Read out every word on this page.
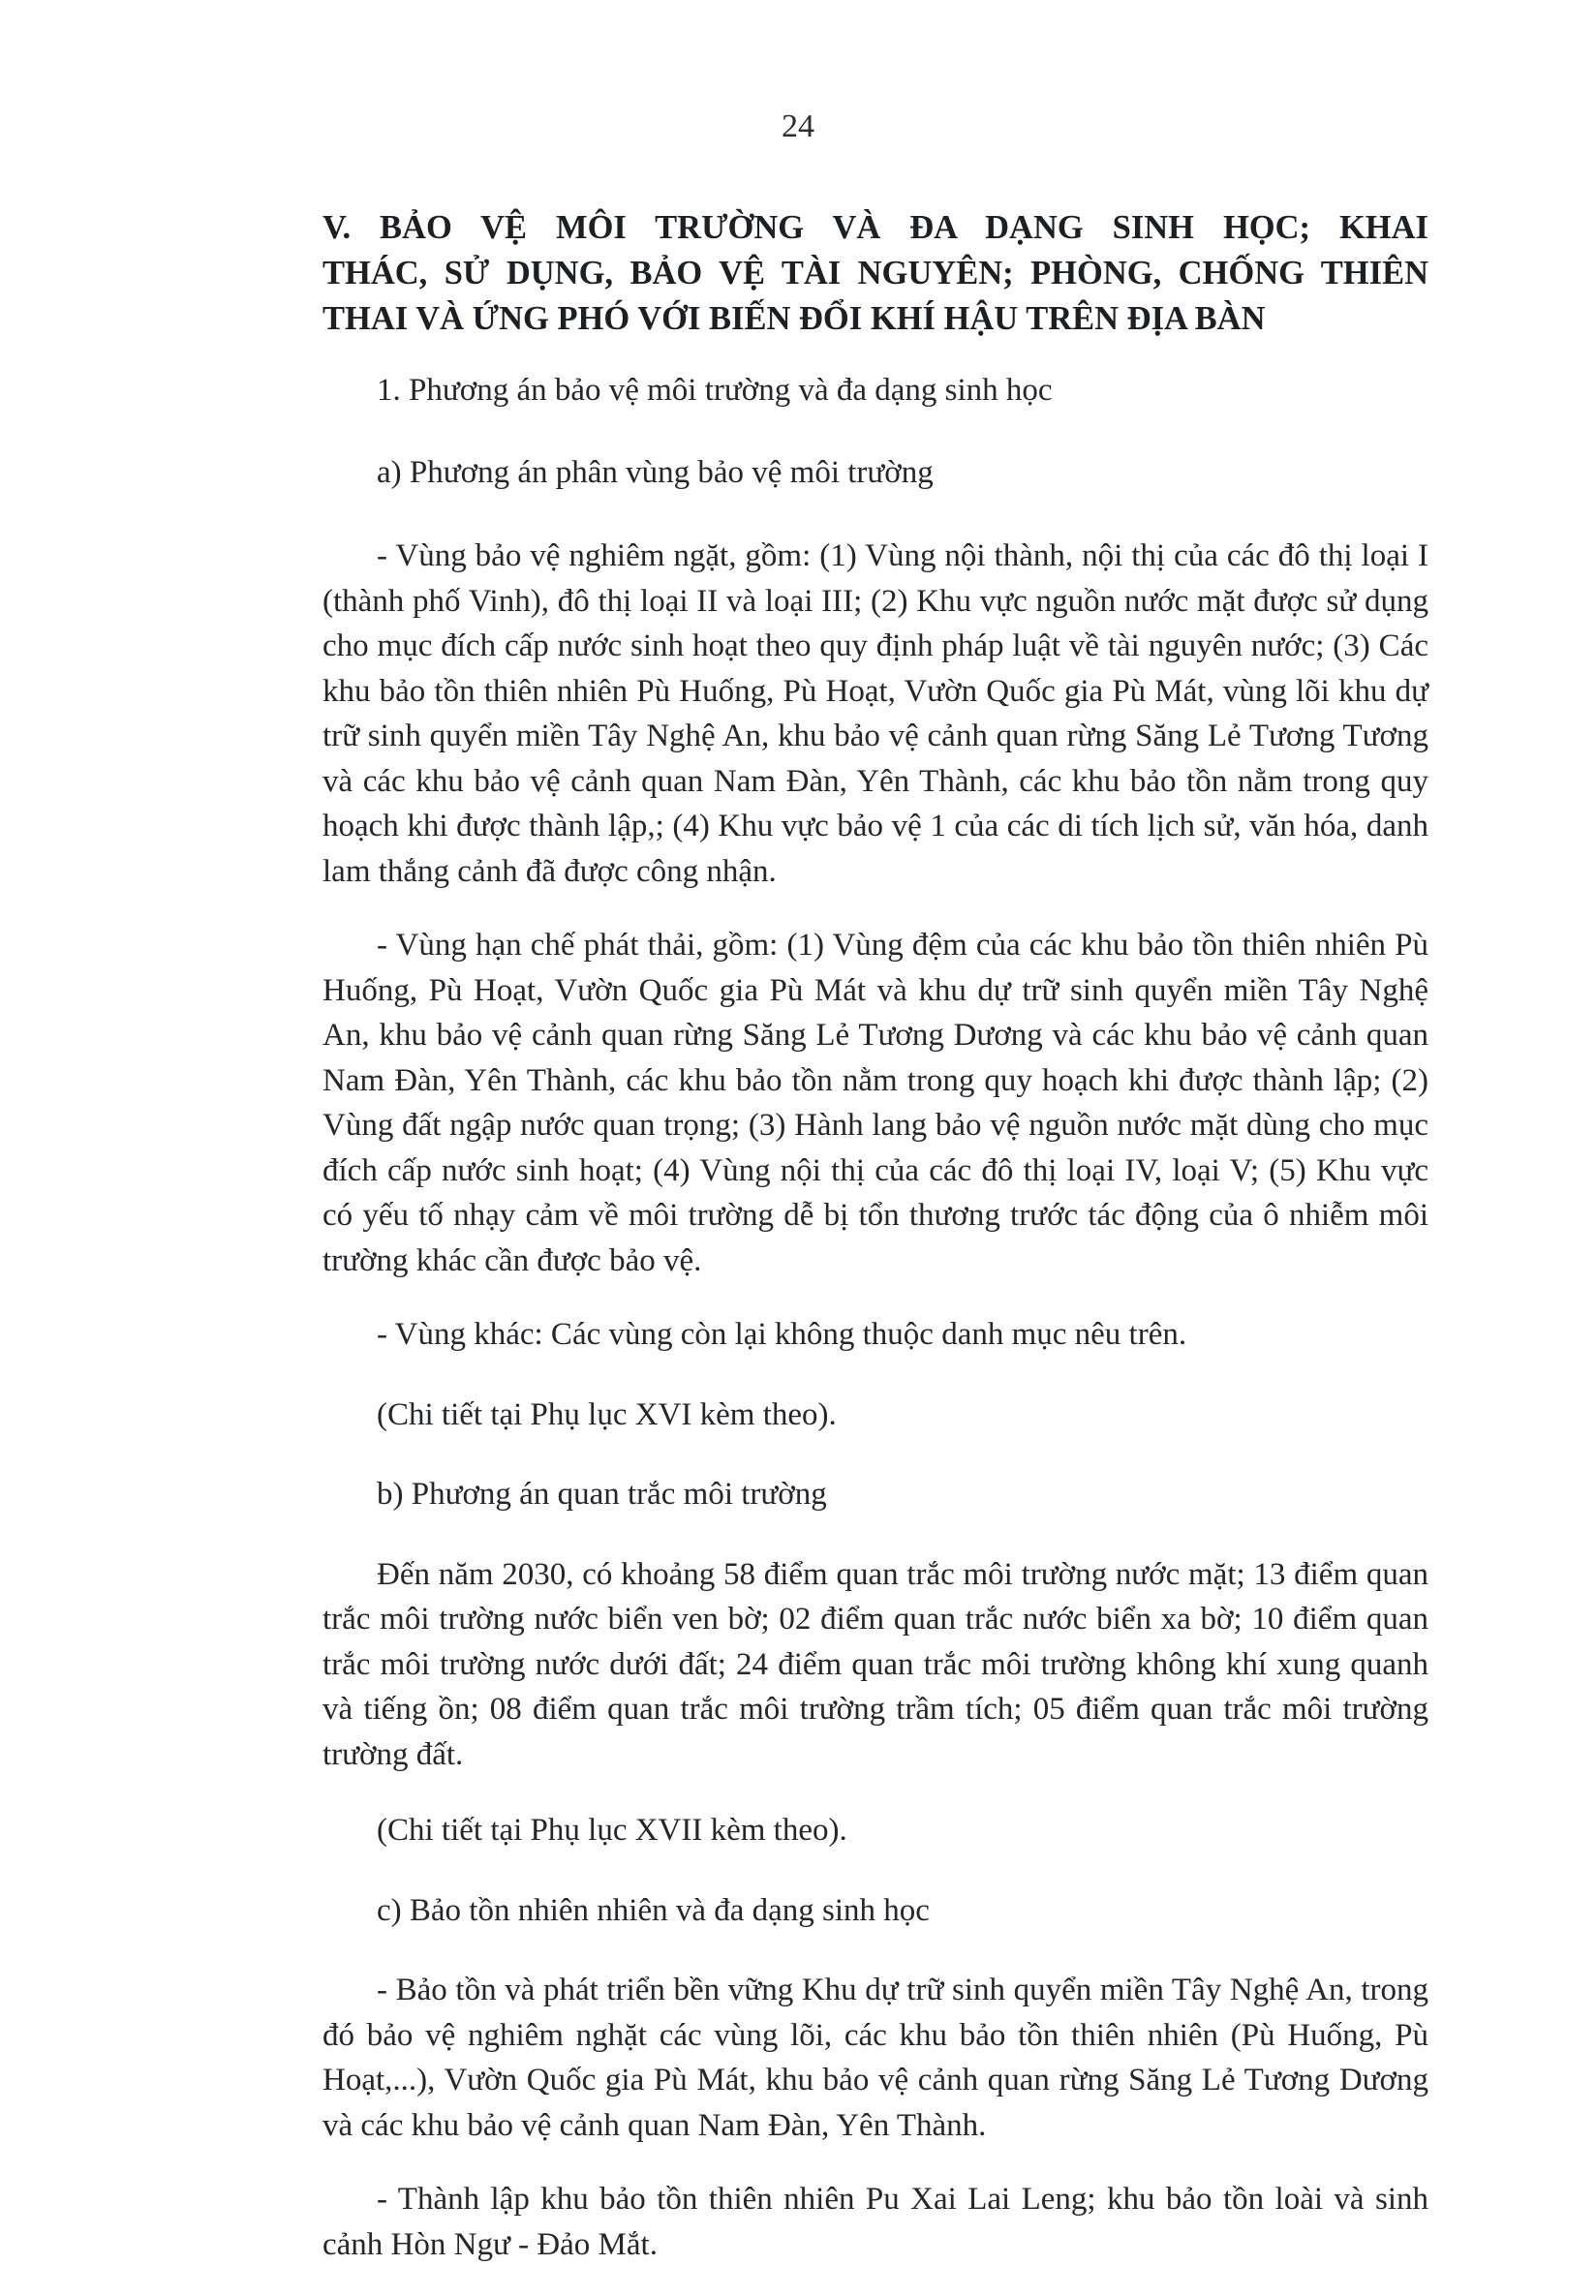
24
V. BẢO VỆ MÔI TRƯỜNG VÀ ĐA DẠNG SINH HỌC; KHAI
THÁC, SỬ DỤNG, BẢO VỆ TÀI NGUYÊN; PHÒNG, CHỐNG THIÊN
THAI VÀ ỨNG PHÓ VỚI BIẾN ĐỔI KHÍ HẬU TRÊN ĐỊA BÀN

1. Phương án bảo vệ môi trường và đa dạng sinh học

a) Phương án phân vùng bảo vệ môi trường

- Vùng bảo vệ nghiêm ngặt, gồm: (1) Vùng nội thành, nội thị của các đô thị loại I (thành phố Vinh), đô thị loại II và loại III; (2) Khu vực nguồn nước mặt được sử dụng cho mục đích cấp nước sinh hoạt theo quy định pháp luật về tài nguyên nước; (3) Các khu bảo tồn thiên nhiên Pù Huống, Pù Hoạt, Vườn Quốc gia Pù Mát, vùng lõi khu dự trữ sinh quyển miền Tây Nghệ An, khu bảo vệ cảnh quan rừng Săng Lẻ Tương Tương và các khu bảo vệ cảnh quan Nam Đàn, Yên Thành, các khu bảo tồn nằm trong quy hoạch khi được thành lập,; (4) Khu vực bảo vệ 1 của các di tích lịch sử, văn hóa, danh lam thắng cảnh đã được công nhận.

- Vùng hạn chế phát thải, gồm: (1) Vùng đệm của các khu bảo tồn thiên nhiên Pù Huống, Pù Hoạt, Vườn Quốc gia Pù Mát và khu dự trữ sinh quyển miền Tây Nghệ An, khu bảo vệ cảnh quan rừng Săng Lẻ Tương Dương và các khu bảo vệ cảnh quan Nam Đàn, Yên Thành, các khu bảo tồn nằm trong quy hoạch khi được thành lập; (2) Vùng đất ngập nước quan trọng; (3) Hành lang bảo vệ nguồn nước mặt dùng cho mục đích cấp nước sinh hoạt; (4) Vùng nội thị của các đô thị loại IV, loại V; (5) Khu vực có yếu tố nhạy cảm về môi trường dễ bị tổn thương trước tác động của ô nhiễm môi trường khác cần được bảo vệ.

- Vùng khác: Các vùng còn lại không thuộc danh mục nêu trên.

(Chi tiết tại Phụ lục XVI kèm theo).

b) Phương án quan trắc môi trường

Đến năm 2030, có khoảng 58 điểm quan trắc môi trường nước mặt; 13 điểm quan trắc môi trường nước biển ven bờ; 02 điểm quan trắc nước biển xa bờ; 10 điểm quan trắc môi trường nước dưới đất; 24 điểm quan trắc môi trường không khí xung quanh và tiếng ồn; 08 điểm quan trắc môi trường trầm tích; 05 điểm quan trắc môi trường trường đất.

(Chi tiết tại Phụ lục XVII kèm theo).

c) Bảo tồn nhiên nhiên và đa dạng sinh học

- Bảo tồn và phát triển bền vững Khu dự trữ sinh quyển miền Tây Nghệ An, trong đó bảo vệ nghiêm nghặt các vùng lõi, các khu bảo tồn thiên nhiên (Pù Huống, Pù Hoạt,...), Vườn Quốc gia Pù Mát, khu bảo vệ cảnh quan rừng Săng Lẻ Tương Dương và các khu bảo vệ cảnh quan Nam Đàn, Yên Thành.

- Thành lập khu bảo tồn thiên nhiên Pu Xai Lai Leng; khu bảo tồn loài và sinh cảnh Hòn Ngư - Đảo Mắt.
